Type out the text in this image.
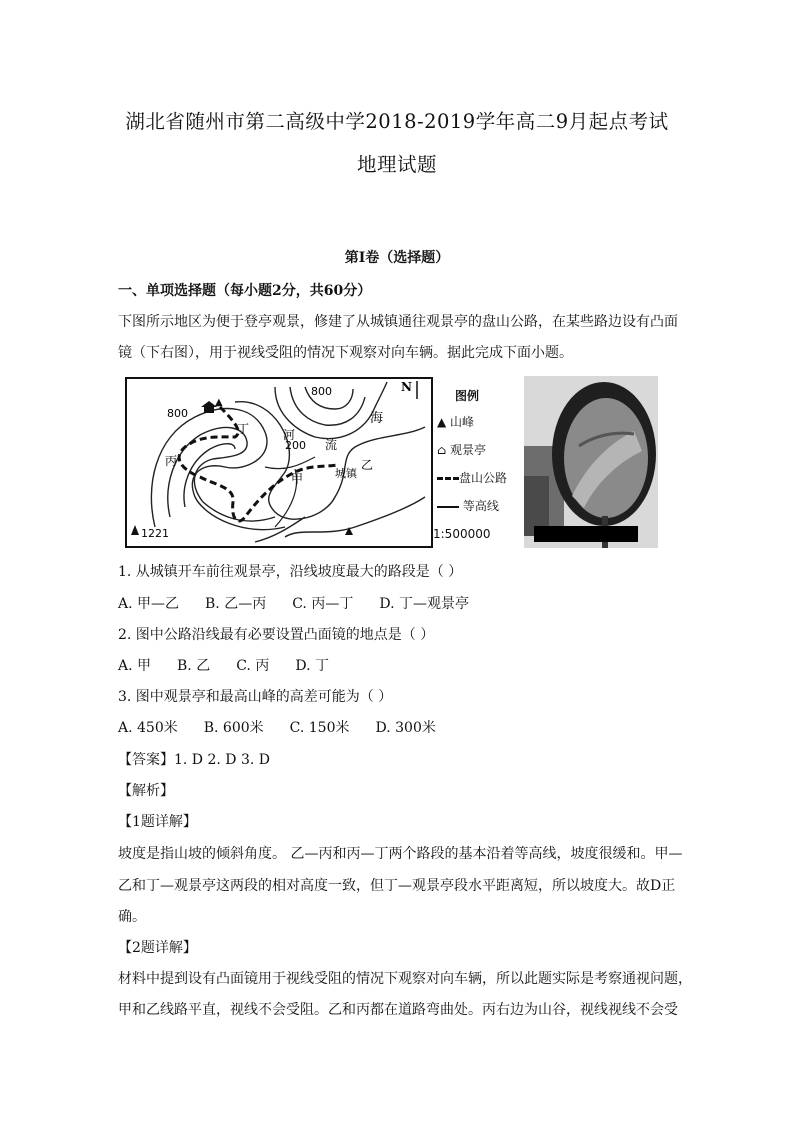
湖北省随州市第二高级中学2018-2019学年高二9月起点考试
地理试题
第Ⅰ卷（选择题）
一、单项选择题（每小题2分，共60分）
下图所示地区为便于登亭观景，修建了从城镇通往观景亭的盘山公路，在某些路边设有凸面
镜（下右图），用于视线受阻的情况下观察对向车辆。据此完成下面小题。
▲
800
800
200
1221
N
海
河
流
城镇
甲
乙
丙
丁
图例
▲ 山峰
⌂ 观景亭
盘山公路
等高线
1:500000
1. 从城镇开车前往观景亭，沿线坡度最大的路段是（ ）
A. 甲—乙 B. 乙—丙 C. 丙—丁 D. 丁—观景亭
2. 图中公路沿线最有必要设置凸面镜的地点是（ ）
A. 甲 B. 乙 C. 丙 D. 丁
3. 图中观景亭和最高山峰的高差可能为（ ）
A. 450米 B. 600米 C. 150米 D. 300米
【答案】1. D 2. D 3. D
【解析】
【1题详解】
坡度是指山坡的倾斜角度。 乙—丙和丙—丁两个路段的基本沿着等高线，坡度很缓和。甲—
乙和丁—观景亭这两段的相对高度一致，但丁—观景亭段水平距离短，所以坡度大。故D正
确。
【2题详解】
材料中提到设有凸面镜用于视线受阻的情况下观察对向车辆，所以此题实际是考察通视问题，
甲和乙线路平直，视线不会受阻。乙和丙都在道路弯曲处。丙右边为山谷，视线视线不会受
